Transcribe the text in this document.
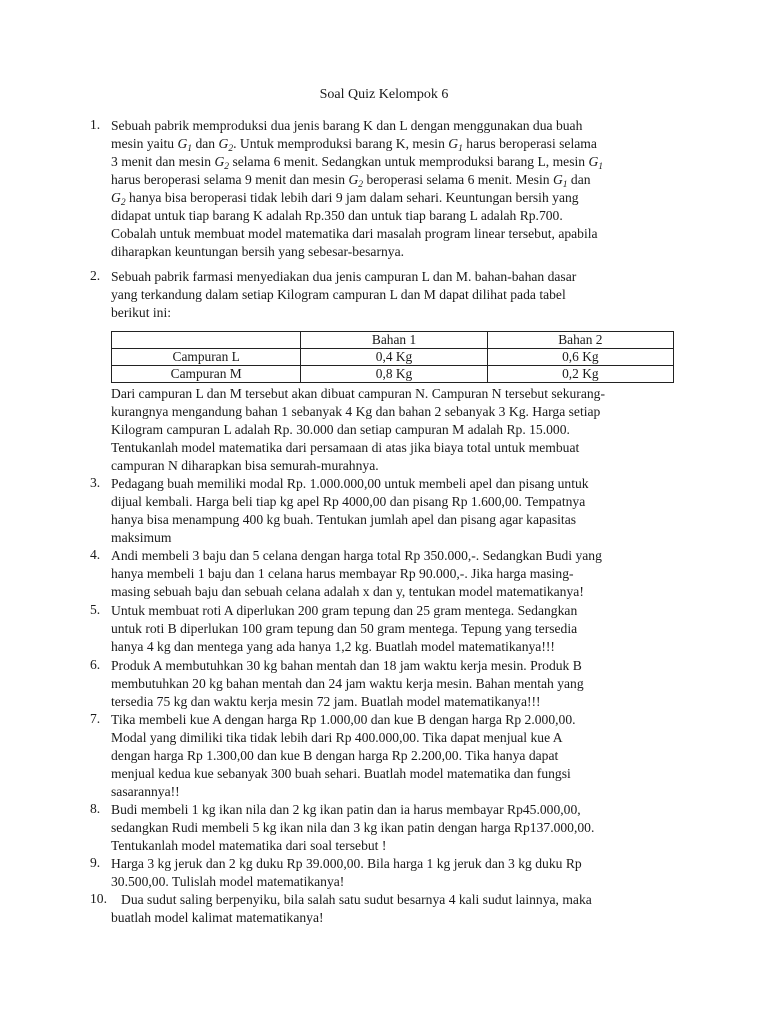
Soal Quiz Kelompok 6
1. Sebuah pabrik memproduksi dua jenis barang K dan L dengan menggunakan dua buah
mesin yaitu $G_1$ dan $G_2$. Untuk memproduksi barang K, mesin $G_1$ harus beroperasi selama
3 menit dan mesin $G_2$ selama 6 menit. Sedangkan untuk memproduksi barang L, mesin $G_1$
harus beroperasi selama 9 menit dan mesin $G_2$ beroperasi selama 6 menit. Mesin $G_1$ dan
$G_2$ hanya bisa beroperasi tidak lebih dari 9 jam dalam sehari. Keuntungan bersih yang
didapat untuk tiap barang K adalah Rp.350 dan untuk tiap barang L adalah Rp.700.
Cobalah untuk membuat model matematika dari masalah program linear tersebut, apabila
diharapkan keuntungan bersih yang sebesar-besarnya.
2. Sebuah pabrik farmasi menyediakan dua jenis campuran L dan M. bahan-bahan dasar
yang terkandung dalam setiap Kilogram campuran L dan M dapat dilihat pada tabel
berikut ini:
	Bahan 1	Bahan 2
Campuran L	0,4 Kg	0,6 Kg
Campuran M	0,8 Kg	0,2 Kg
Dari campuran L dan M tersebut akan dibuat campuran N. Campuran N tersebut sekurang-
kurangnya mengandung bahan 1 sebanyak 4 Kg dan bahan 2 sebanyak 3 Kg. Harga setiap
Kilogram campuran L adalah Rp. 30.000 dan setiap campuran M adalah Rp. 15.000.
Tentukanlah model matematika dari persamaan di atas jika biaya total untuk membuat
campuran N diharapkan bisa semurah-murahnya.
3. Pedagang buah memiliki modal Rp. 1.000.000,00 untuk membeli apel dan pisang untuk
dijual kembali. Harga beli tiap kg apel Rp 4000,00 dan pisang Rp 1.600,00. Tempatnya
hanya bisa menampung 400 kg buah. Tentukan jumlah apel dan pisang agar kapasitas
maksimum
4. Andi membeli 3 baju dan 5 celana dengan harga total Rp 350.000,-. Sedangkan Budi yang
hanya membeli 1 baju dan 1 celana harus membayar Rp 90.000,-. Jika harga masing-
masing sebuah baju dan sebuah celana adalah x dan y, tentukan model matematikanya!
5. Untuk membuat roti A diperlukan 200 gram tepung dan 25 gram mentega. Sedangkan
untuk roti B diperlukan 100 gram tepung dan 50 gram mentega. Tepung yang tersedia
hanya 4 kg dan mentega yang ada hanya 1,2 kg. Buatlah model matematikanya!!!
6. Produk A membutuhkan 30 kg bahan mentah dan 18 jam waktu kerja mesin. Produk B
membutuhkan 20 kg bahan mentah dan 24 jam waktu kerja mesin. Bahan mentah yang
tersedia 75 kg dan waktu kerja mesin 72 jam. Buatlah model matematikanya!!!
7. Tika membeli kue A dengan harga Rp 1.000,00 dan kue B dengan harga Rp 2.000,00.
Modal yang dimiliki tika tidak lebih dari Rp 400.000,00. Tika dapat menjual kue A
dengan harga Rp 1.300,00 dan kue B dengan harga Rp 2.200,00. Tika hanya dapat
menjual kedua kue sebanyak 300 buah sehari. Buatlah model matematika dan fungsi
sasarannya!!
8. Budi membeli 1 kg ikan nila dan 2 kg ikan patin dan ia harus membayar Rp45.000,00,
sedangkan Rudi membeli 5 kg ikan nila dan 3 kg ikan patin dengan harga Rp137.000,00.
Tentukanlah model matematika dari soal tersebut !
9. Harga 3 kg jeruk dan 2 kg duku Rp 39.000,00. Bila harga 1 kg jeruk dan 3 kg duku Rp
30.500,00. Tulislah model matematikanya!
10. Dua sudut saling berpenyiku, bila salah satu sudut besarnya 4 kali sudut lainnya, maka
buatlah model kalimat matematikanya!
